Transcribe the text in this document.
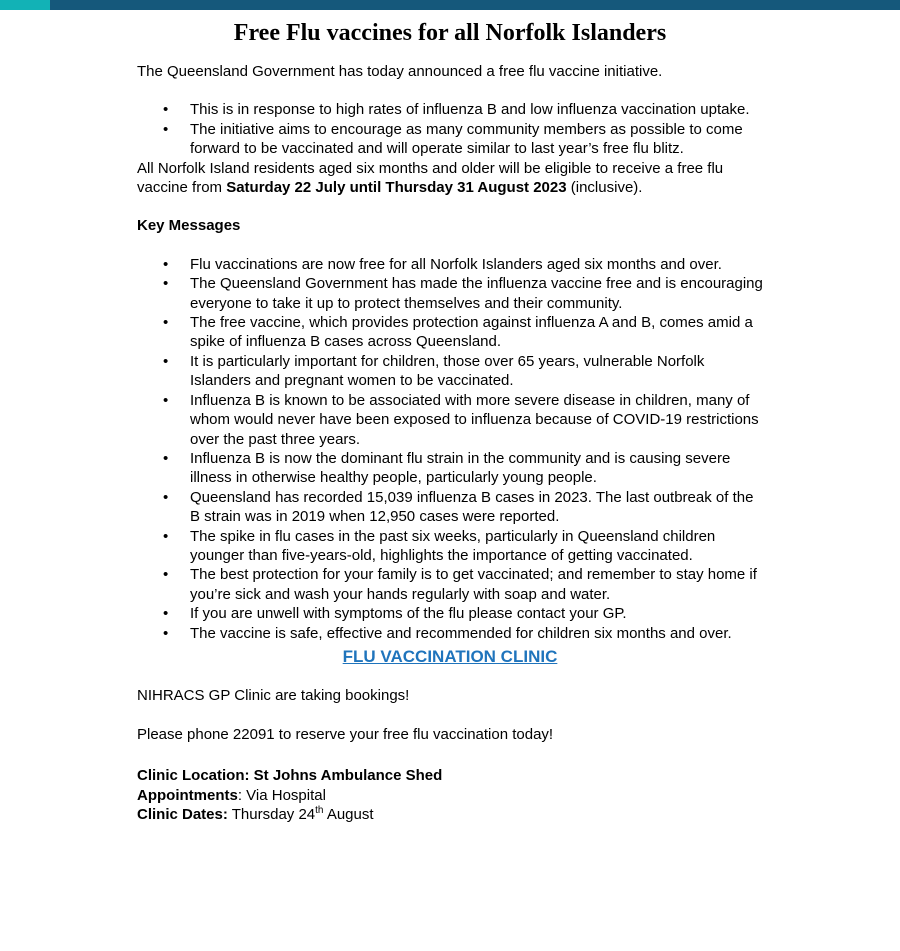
Free Flu vaccines for all Norfolk Islanders

The Queensland Government has today announced a free flu vaccine initiative.

• This is in response to high rates of influenza B and low influenza vaccination uptake.
• The initiative aims to encourage as many community members as possible to come forward to be vaccinated and will operate similar to last year’s free flu blitz.

All Norfolk Island residents aged six months and older will be eligible to receive a free flu vaccine from Saturday 22 July until Thursday 31 August 2023 (inclusive).

Key Messages

• Flu vaccinations are now free for all Norfolk Islanders aged six months and over.
• The Queensland Government has made the influenza vaccine free and is encouraging everyone to take it up to protect themselves and their community.
• The free vaccine, which provides protection against influenza A and B, comes amid a spike of influenza B cases across Queensland.
• It is particularly important for children, those over 65 years, vulnerable Norfolk Islanders and pregnant women to be vaccinated.
• Influenza B is known to be associated with more severe disease in children, many of whom would never have been exposed to influenza because of COVID-19 restrictions over the past three years.
• Influenza B is now the dominant flu strain in the community and is causing severe illness in otherwise healthy people, particularly young people.
• Queensland has recorded 15,039 influenza B cases in 2023. The last outbreak of the B strain was in 2019 when 12,950 cases were reported.
• The spike in flu cases in the past six weeks, particularly in Queensland children younger than five-years-old, highlights the importance of getting vaccinated.
• The best protection for your family is to get vaccinated; and remember to stay home if you’re sick and wash your hands regularly with soap and water.
• If you are unwell with symptoms of the flu please contact your GP.
• The vaccine is safe, effective and recommended for children six months and over.

FLU VACCINATION CLINIC

NIHRACS GP Clinic are taking bookings!

Please phone 22091 to reserve your free flu vaccination today!

Clinic Location: St Johns Ambulance Shed

Appointments: Via Hospital

Clinic Dates: Thursday 24th August
